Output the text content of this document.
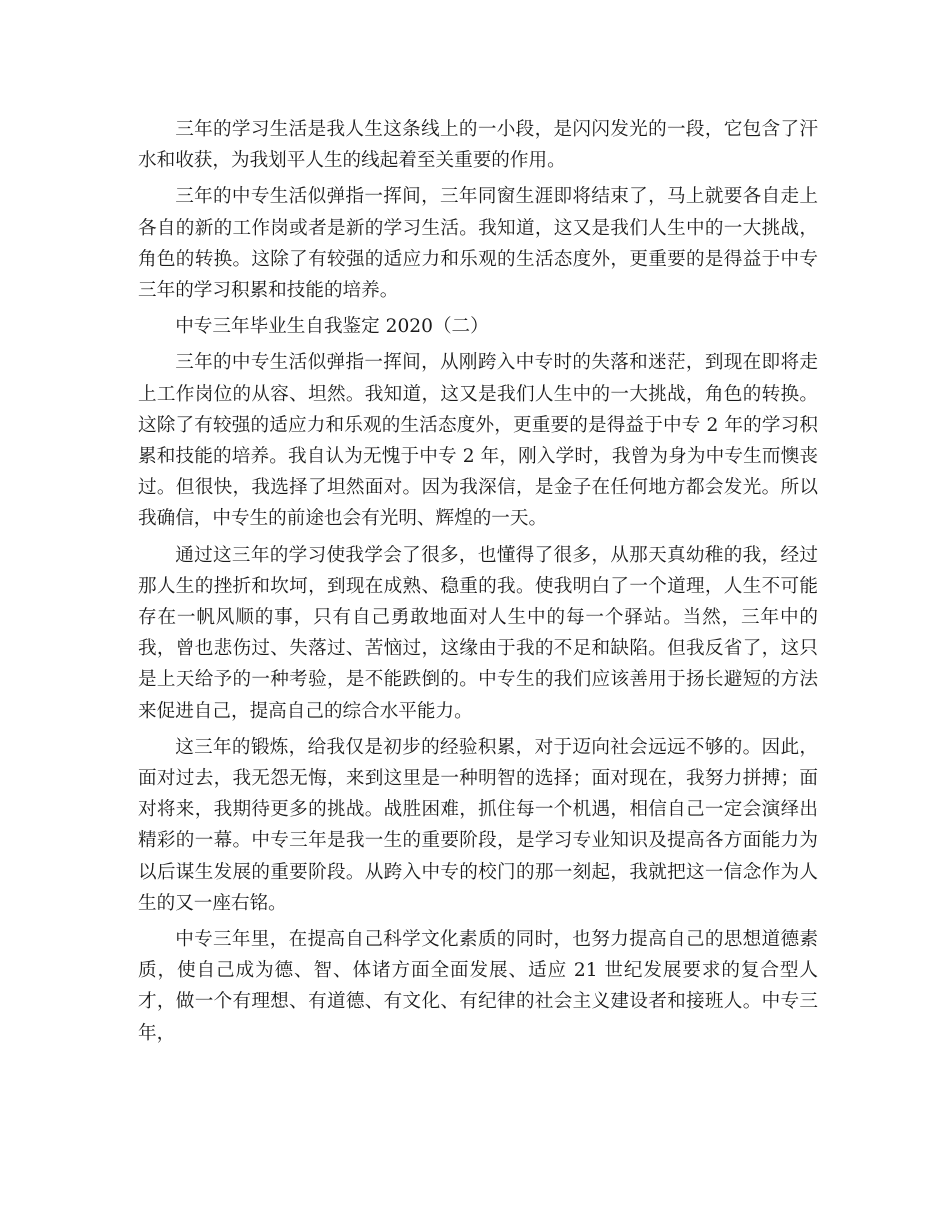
三年的学习生活是我人生这条线上的一小段，是闪闪发光的一段，它包含了汗水和收获，为我划平人生的线起着至关重要的作用。

三年的中专生活似弹指一挥间，三年同窗生涯即将结束了，马上就要各自走上各自的新的工作岗或者是新的学习生活。我知道，这又是我们人生中的一大挑战，角色的转换。这除了有较强的适应力和乐观的生活态度外，更重要的是得益于中专三年的学习积累和技能的培养。

中专三年毕业生自我鉴定 2020（二）

三年的中专生活似弹指一挥间，从刚跨入中专时的失落和迷茫，到现在即将走上工作岗位的从容、坦然。我知道，这又是我们人生中的一大挑战，角色的转换。这除了有较强的适应力和乐观的生活态度外，更重要的是得益于中专 2 年的学习积累和技能的培养。我自认为无愧于中专 2 年，刚入学时，我曾为身为中专生而懊丧过。但很快，我选择了坦然面对。因为我深信，是金子在任何地方都会发光。所以我确信，中专生的前途也会有光明、辉煌的一天。

通过这三年的学习使我学会了很多，也懂得了很多，从那天真幼稚的我，经过那人生的挫折和坎坷，到现在成熟、稳重的我。使我明白了一个道理，人生不可能存在一帆风顺的事，只有自己勇敢地面对人生中的每一个驿站。当然，三年中的我，曾也悲伤过、失落过、苦恼过，这缘由于我的不足和缺陷。但我反省了，这只是上天给予的一种考验，是不能跌倒的。中专生的我们应该善用于扬长避短的方法来促进自己，提高自己的综合水平能力。

这三年的锻炼，给我仅是初步的经验积累，对于迈向社会远远不够的。因此，面对过去，我无怨无悔，来到这里是一种明智的选择；面对现在，我努力拼搏；面对将来，我期待更多的挑战。战胜困难，抓住每一个机遇，相信自己一定会演绎出精彩的一幕。中专三年是我一生的重要阶段，是学习专业知识及提高各方面能力为以后谋生发展的重要阶段。从跨入中专的校门的那一刻起，我就把这一信念作为人生的又一座右铭。

中专三年里，在提高自己科学文化素质的同时，也努力提高自己的思想道德素质，使自己成为德、智、体诸方面全面发展、适应 21 世纪发展要求的复合型人才，做一个有理想、有道德、有文化、有纪律的社会主义建设者和接班人。中专三年，
